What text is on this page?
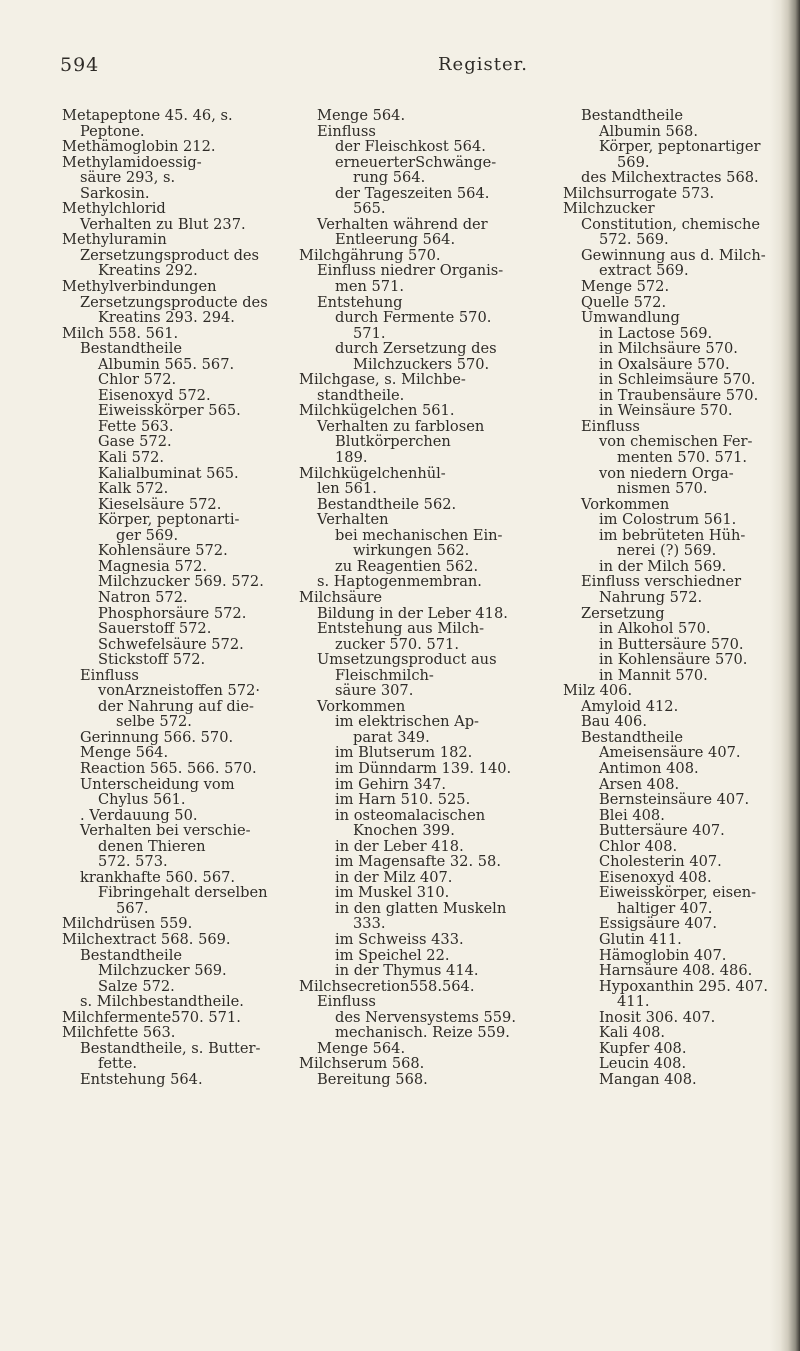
594	Register.
Metapeptone 45. 46, s.
Peptone.
Methämoglobin 212.
Methylamidoessig-
säure 293, s.
Sarkosin.
Methylchlorid
Verhalten zu Blut 237.
Methyluramin
Zersetzungsproduct des
Kreatins 292.
Methylverbindungen
Zersetzungsproducte des
Kreatins 293. 294.
Milch 558. 561.
Bestandtheile
Albumin 565. 567.
Chlor 572.
Eisenoxyd 572.
Eiweisskörper 565.
Fette 563.
Gase 572.
Kali 572.
Kalialbuminat 565.
Kalk 572.
Kieselsäure 572.
Körper, peptonarti-
ger 569.
Kohlensäure 572.
Magnesia 572.
Milchzucker 569. 572.
Natron 572.
Phosphorsäure 572.
Sauerstoff 572.
Schwefelsäure 572.
Stickstoff 572.
Einfluss
vonArzneistoffen 572·
der Nahrung auf die-
selbe 572.
Gerinnung 566. 570.
Menge 564.
Reaction 565. 566. 570.
Unterscheidung vom
Chylus 561.
. Verdauung 50.
Verhalten bei verschie-
denen Thieren
572. 573.
krankhafte 560. 567.
Fibringehalt derselben
567.
Milchdrüsen 559.
Milchextract 568. 569.
Bestandtheile
Milchzucker 569.
Salze 572.
s. Milchbestandtheile.
Milchfermente570. 571.
Milchfette 563.
Bestandtheile, s. Butter-
fette.
Entstehung 564.
Menge 564.
Einfluss
der Fleischkost 564.
erneuerterSchwänge-
rung 564.
der Tageszeiten 564.
565.
Verhalten während der
Entleerung 564.
Milchgährung 570.
Einfluss niedrer Organis-
men 571.
Entstehung
durch Fermente 570.
571.
durch Zersetzung des
Milchzuckers 570.
Milchgase, s. Milchbe-
standtheile.
Milchkügelchen 561.
Verhalten zu farblosen
Blutkörperchen
189.
Milchkügelchenhül-
len 561.
Bestandtheile 562.
Verhalten
bei mechanischen Ein-
wirkungen 562.
zu Reagentien 562.
s. Haptogenmembran.
Milchsäure
Bildung in der Leber 418.
Entstehung aus Milch-
zucker 570. 571.
Umsetzungsproduct aus
Fleischmilch-
säure 307.
Vorkommen
im elektrischen Ap-
parat 349.
im Blutserum 182.
im Dünndarm 139. 140.
im Gehirn 347.
im Harn 510. 525.
in osteomalacischen
Knochen 399.
in der Leber 418.
im Magensafte 32. 58.
in der Milz 407.
im Muskel 310.
in den glatten Muskeln
333.
im Schweiss 433.
im Speichel 22.
in der Thymus 414.
Milchsecretion558.564.
Einfluss
des Nervensystems 559.
mechanisch. Reize 559.
Menge 564.
Milchserum 568.
Bereitung 568.
Bestandtheile
Albumin 568.
Körper, peptonartiger
569.
des Milchextractes 568.
Milchsurrogate 573.
Milchzucker
Constitution, chemische
572. 569.
Gewinnung aus d. Milch-
extract 569.
Menge 572.
Quelle 572.
Umwandlung
in Lactose 569.
in Milchsäure 570.
in Oxalsäure 570.
in Schleimsäure 570.
in Traubensäure 570.
in Weinsäure 570.
Einfluss
von chemischen Fer-
menten 570. 571.
von niedern Orga-
nismen 570.
Vorkommen
im Colostrum 561.
im bebrüteten Hüh-
nerei (?) 569.
in der Milch 569.
Einfluss verschiedner
Nahrung 572.
Zersetzung
in Alkohol 570.
in Buttersäure 570.
in Kohlensäure 570.
in Mannit 570.
Milz 406.
Amyloid 412.
Bau 406.
Bestandtheile
Ameisensäure 407.
Antimon 408.
Arsen 408.
Bernsteinsäure 407.
Blei 408.
Buttersäure 407.
Chlor 408.
Cholesterin 407.
Eisenoxyd 408.
Eiweisskörper, eisen-
haltiger 407.
Essigsäure 407.
Glutin 411.
Hämoglobin 407.
Harnsäure 408. 486.
Hypoxanthin 295. 407.
411.
Inosit 306. 407.
Kali 408.
Kupfer 408.
Leucin 408.
Mangan 408.
